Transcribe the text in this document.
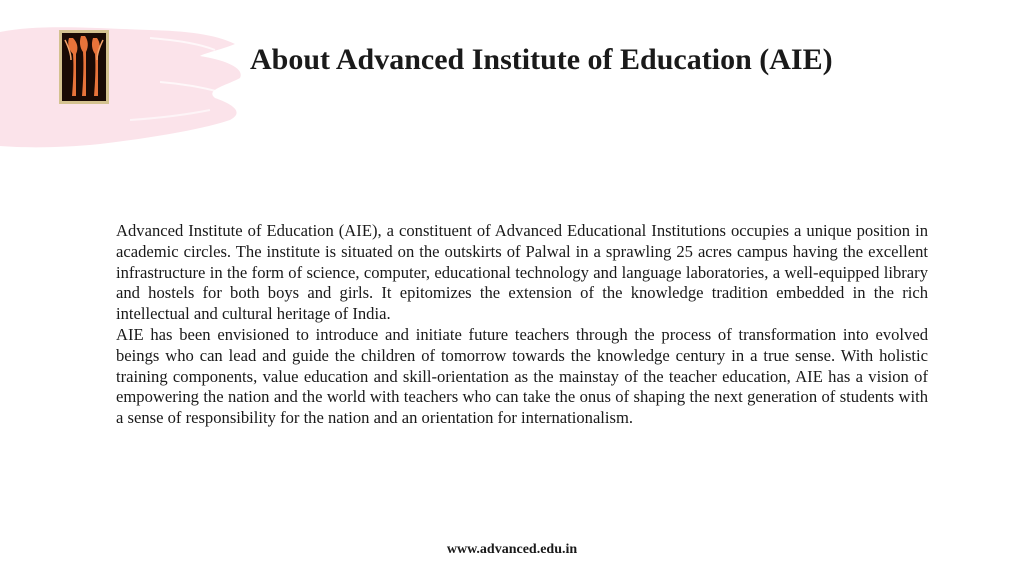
About Advanced Institute of Education (AIE)

Advanced Institute of Education (AIE), a constituent of Advanced Educational Institutions occupies a unique position in academic circles. The institute is situated on the outskirts of Palwal in a sprawling 25 acres campus having the excellent infrastructure in the form of science, computer, educational technology and language laboratories, a well-equipped library and hostels for both boys and girls. It epitomizes the extension of the knowledge tradition embedded in the rich intellectual and cultural heritage of India.

AIE has been envisioned to introduce and initiate future teachers through the process of transformation into evolved beings who can lead and guide the children of tomorrow towards the knowledge century in a true sense. With holistic training components, value education and skill-orientation as the mainstay of the teacher education, AIE has a vision of empowering the nation and the world with teachers who can take the onus of shaping the next generation of students with a sense of responsibility for the nation and an orientation for internationalism.

www.advanced.edu.in
